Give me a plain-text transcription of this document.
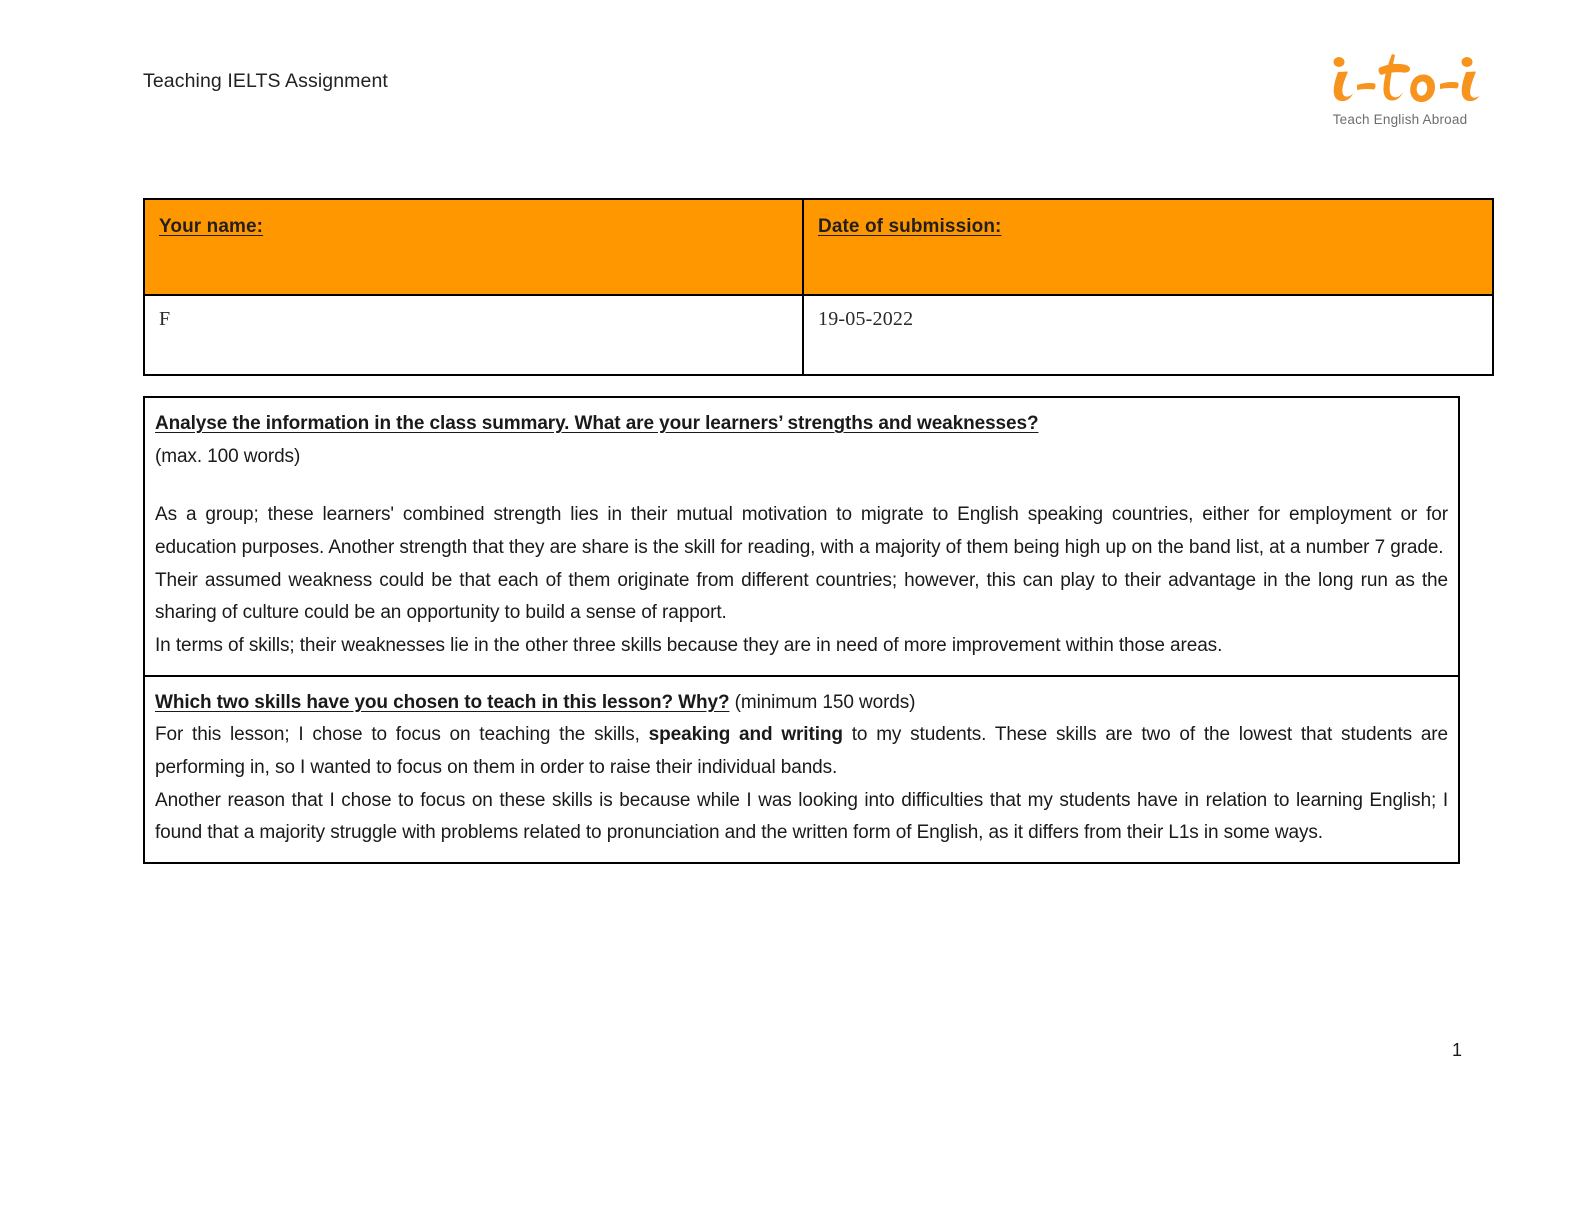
Teaching IELTS Assignment
Teach English Abroad
Your name:	Date of submission:
F	19-05-2022
Analyse the information in the class summary. What are your learners’ strengths and weaknesses?
(max. 100 words)

As a group; these learners' combined strength lies in their mutual motivation to migrate to English speaking countries, either for employment or for education purposes. Another strength that they are share is the skill for reading, with a majority of them being high up on the band list, at a number 7 grade.

Their assumed weakness could be that each of them originate from different countries; however, this can play to their advantage in the long run as the sharing of culture could be an opportunity to build a sense of rapport.

In terms of skills; their weaknesses lie in the other three skills because they are in need of more improvement within those areas.

Which two skills have you chosen to teach in this lesson? Why? (minimum 150 words)

For this lesson; I chose to focus on teaching the skills, speaking and writing to my students. These skills are two of the lowest that students are performing in, so I wanted to focus on them in order to raise their individual bands.

Another reason that I chose to focus on these skills is because while I was looking into difficulties that my students have in relation to learning English; I found that a majority struggle with problems related to pronunciation and the written form of English, as it differs from their L1s in some ways.

1
